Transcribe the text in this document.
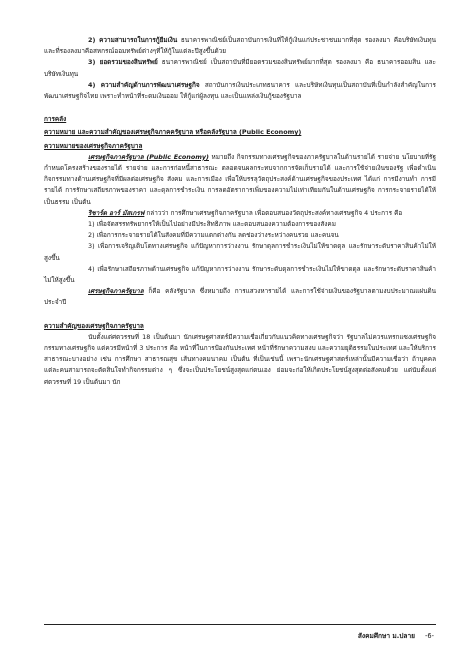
2) ความสามารถในการกู้ยืมเงิน ธนาคารพาณิชย์เป็นสถาบันการเงินที่ให้กู้เงินแก่ประชาชนมากที่สุด รองลงมา คือบริษัทเงินทุน และที่รองลงมาคือสหกรณ์ออมทรัพย์ต่างๆที่ให้กู้ในแต่ละปีสูงขึ้นด้วย

3) ยอดรวมของสินทรัพย์ ธนาคารพาณิชย์ เป็นสถาบันที่มียอดรวมของสินทรัพย์มากที่สุด รองลงมา คือ ธนาคารออมสิน และบริษัทเงินทุน

4) ความสำคัญด้านการพัฒนาเศรษฐกิจ สถาบันการเงินประเภทธนาคาร และบริษัทเงินทุนเป็นสถาบันที่เป็นกำลังสำคัญในการพัฒนาเศรษฐกิจไทย เพราะทำหน้าที่ระดมเงินออม ให้กู้แก่ผู้ลงทุน และเป็นแหล่งเงินกู้ของรัฐบาล

การคลัง

ความหมาย และความสำคัญของเศรษฐกิจภาคครัฐบาล หรือคลังรัฐบาล (Public Economy)

ความหมายของเศรษฐกิจภาครัฐบาล

เศรษฐกิจภาครัฐบาล (Public Economy) หมายถึง กิจกรรมทางเศรษฐกิจของภาครัฐบาลในด้านรายได้ รายจ่าย นโยบายที่รัฐกำหนดโครงสร้างของรายได้ รายจ่าย และการก่อหนี้สาธารณะ ตลอดจนผลกระทบจากการจัดเก็บรายได้ และการใช้จ่ายเงินของรัฐ เพื่อดำเนินกิจกรรมทางด้านเศรษฐกิจที่มีผลต่อเศรษฐกิจ สังคม และการเมือง เพื่อให้บรรลุวัตถุประสงค์ด้านเศรษฐกิจของประเทศ ได้แก่ การมีงานทำ การมีรายได้ การรักษาเสถียรภาพของราคา และดุลการชำระเงิน การลดอัตราการเพิ่มของความไม่เท่าเทียมกันในด้านเศรษฐกิจ การกระจายรายได้ให้เป็นธรรม เป็นต้น

ริชาร์ด อาร์ มัสเกรฟ กล่าวว่า การศึกษาเศรษฐกิจภาครัฐบาล เพื่อตอบสนองวัตถุประสงค์ทางเศรษฐกิจ 4 ประการ คือ

1) เพื่อจัดสรรทรัพยากรให้เป็นไปอย่างมีประสิทธิภาพ และตอบสนองความต้องการของสังคม

2) เพื่อการกระจายรายได้ในสังคมที่มีความแตกต่างกัน ลดช่องว่างระหว่างคนรวย และคนจน

3) เพื่อการเจริญเติบโตทางเศรษฐกิจ แก้ปัญหาการว่างงาน รักษาดุลการชำระเงินไม่ให้ขาดดุล และรักษาระดับราคาสินค้าไม่ให้สูงขึ้น

4) เพื่อรักษาเสถียรภาพด้านเศรษฐกิจ แก้ปัญหาการว่างงาน รักษาระดับดุลการชำระเงินไม่ให้ขาดดุล และรักษาระดับราคาสินค้าไม่ให้สูงขึ้น

เศรษฐกิจภาครัฐบาล ก็คือ คลังรัฐบาล ซึ่งหมายถึง การแสวงหารายได้ และการใช้จ่ายเงินของรัฐบาลตามงบประมาณแผ่นดินประจำปี

ความสำคัญของเศรษฐกิจภาครัฐบาล

นับตั้งแต่ศตวรรษที่ 18 เป็นต้นมา นักเศรษฐศาสตร์มีความเชื่อเกี่ยวกับแนวคิดทางเศรษฐกิจว่า รัฐบาลไม่ควรแทรกแซงเศรษฐกิจกรรมทางเศรษฐกิจ แต่ควรมีหน้าที่ 3 ประการ คือ หน้าที่ในการป้องกันประเทศ หน้าที่รักษาความสงบ และความยุติธรรมในประเทศ และให้บริการสาธารณะบางอย่าง เช่น การศึกษา สาธารณสุข เส้นทางคมนาคม เป็นต้น ที่เป็นเช่นนี้ เพราะนักเศรษฐศาสตร์เหล่านั้นมีความเชื่อว่า ถ้าบุคคลแต่ละคนสามารถจะตัดสินใจทำกิจกรรมต่าง ๆ ซึ่งจะเป็นประโยชน์สูงสุดแก่ตนเอง ย่อมจะก่อให้เกิดประโยชน์สูงสุดต่อสังคมด้วย แต่นับตั้งแต่ศตวรรษที่ 19 เป็นต้นมา นัก

สังคมศึกษา ม.ปลาย -6-
